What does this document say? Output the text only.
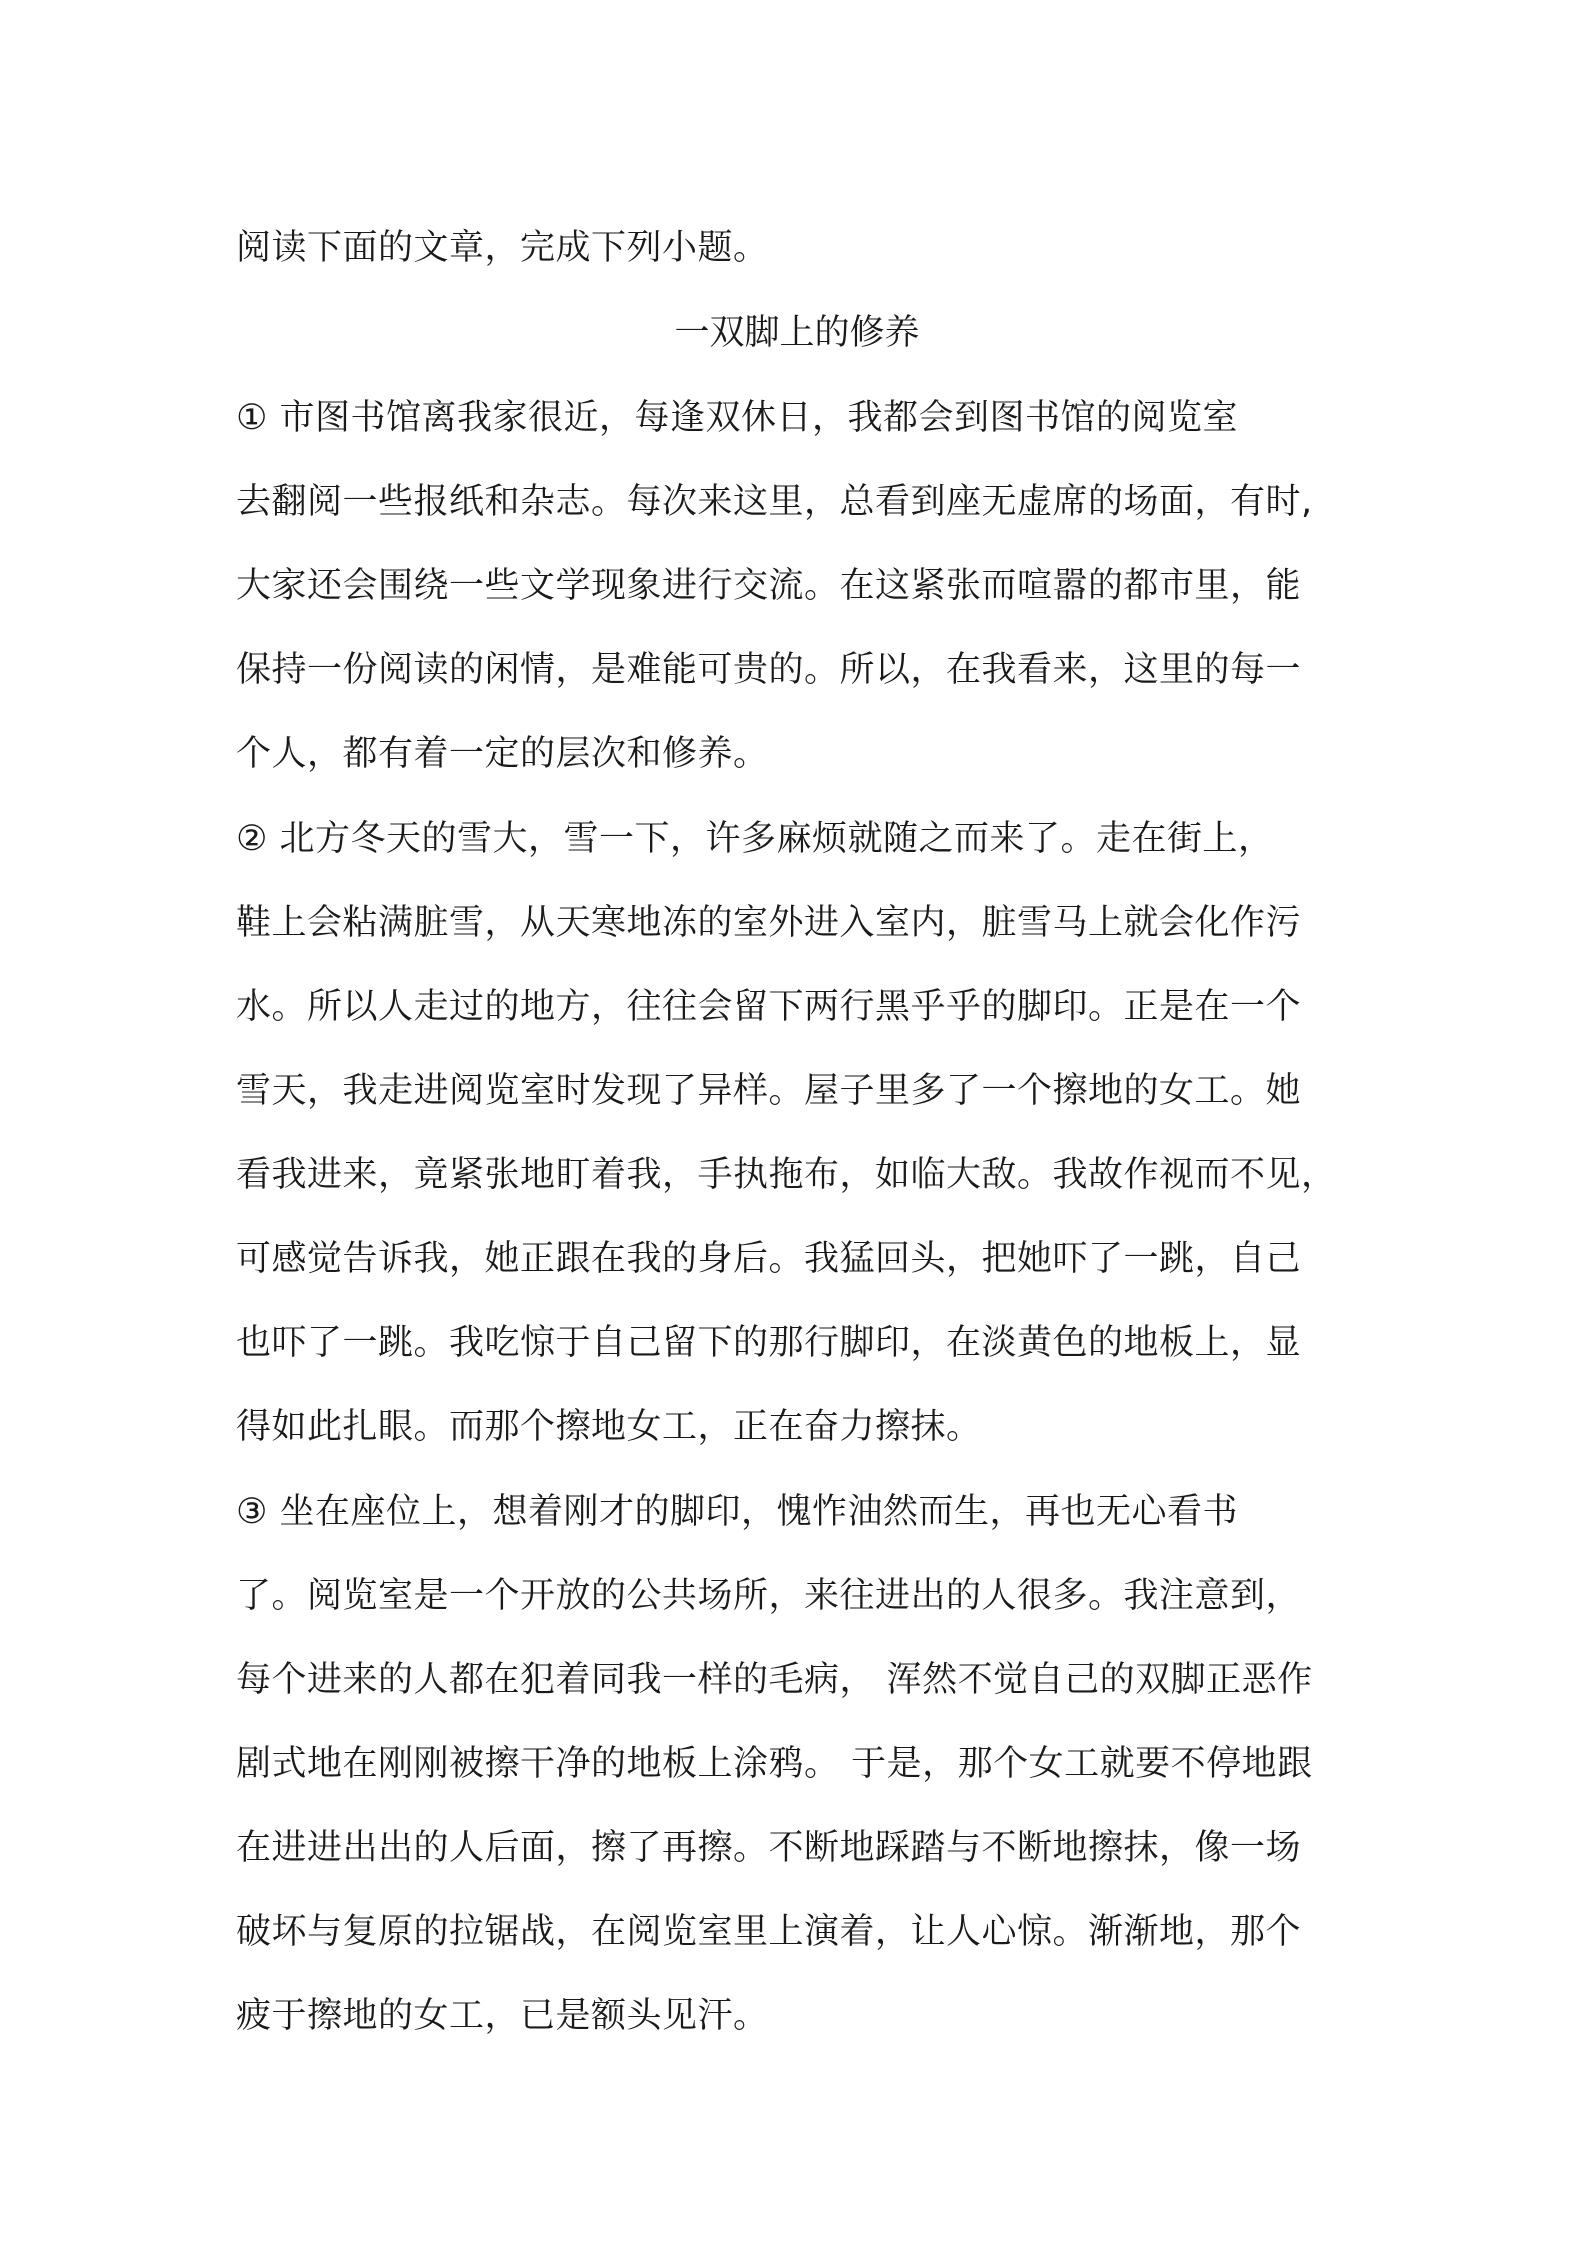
阅读下面的文章，完成下列小题。
一双脚上的修养
① 市图书馆离我家很近，每逢双休日，我都会到图书馆的阅览室
去翻阅一些报纸和杂志。每次来这里，总看到座无虚席的场面，有时,
大家还会围绕一些文学现象进行交流。在这紧张而喧嚣的都市里，能
保持一份阅读的闲情，是难能可贵的。所以，在我看来，这里的每一
个人，都有着一定的层次和修养。
② 北方冬天的雪大，雪一下，许多麻烦就随之而来了。走在街上，
鞋上会粘满脏雪，从天寒地冻的室外进入室内，脏雪马上就会化作污
水。所以人走过的地方，往往会留下两行黑乎乎的脚印。正是在一个
雪天，我走进阅览室时发现了异样。屋子里多了一个擦地的女工。她
看我进来，竟紧张地盯着我，手执拖布，如临大敌。我故作视而不见，
可感觉告诉我，她正跟在我的身后。我猛回头，把她吓了一跳，自己
也吓了一跳。我吃惊于自己留下的那行脚印，在淡黄色的地板上，显
得如此扎眼。而那个擦地女工，正在奋力擦抹。
③ 坐在座位上，想着刚才的脚印，愧怍油然而生，再也无心看书
了。阅览室是一个开放的公共场所，来往进出的人很多。我注意到，
每个进来的人都在犯着同我一样的毛病， 浑然不觉自己的双脚正恶作
剧式地在刚刚被擦干净的地板上涂鸦。 于是，那个女工就要不停地跟
在进进出出的人后面，擦了再擦。不断地踩踏与不断地擦抹，像一场
破坏与复原的拉锯战，在阅览室里上演着，让人心惊。渐渐地，那个
疲于擦地的女工，已是额头见汗。
